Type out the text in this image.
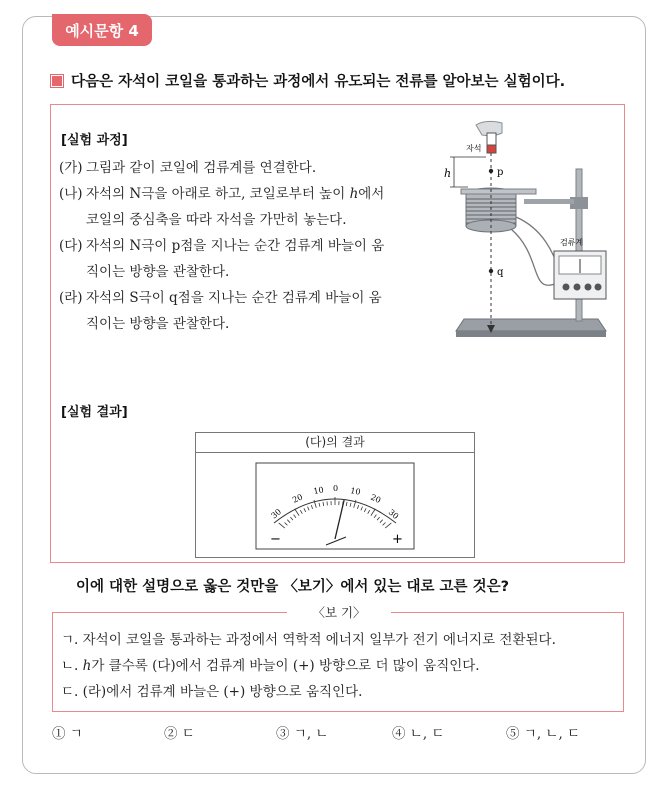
예시문항 4
다음은 자석이 코일을 통과하는 과정에서 유도되는 전류를 알아보는 실험이다.
[실험 과정]
(가) 그림과 같이 코일에 검류계를 연결한다.
(나) 자석의 N극을 아래로 하고, 코일로부터 높이 h에서 코일의 중심축을 따라 자석을 가만히 놓는다.
(다) 자석의 N극이 p점을 지나는 순간 검류계 바늘이 움직이는 방향을 관찰한다.
(라) 자석의 S극이 q점을 지나는 순간 검류계 바늘이 움직이는 방향을 관찰한다.
검류계
자석
h	p
q
[실험 결과]
(다)의 결과
30
20
10 0 10
20
30
−	+
이에 대한 설명으로 옳은 것만을 〈보기〉에서 있는 대로 고른 것은?
〈보 기〉
ㄱ. 자석이 코일을 통과하는 과정에서 역학적 에너지 일부가 전기 에너지로 전환된다.
ㄴ. h가 클수록 (다)에서 검류계 바늘이 (+) 방향으로 더 많이 움직인다.
ㄷ. (라)에서 검류계 바늘은 (+) 방향으로 움직인다.
① ㄱ	② ㄷ	③ ㄱ, ㄴ	④ ㄴ, ㄷ	⑤ ㄱ, ㄴ, ㄷ
